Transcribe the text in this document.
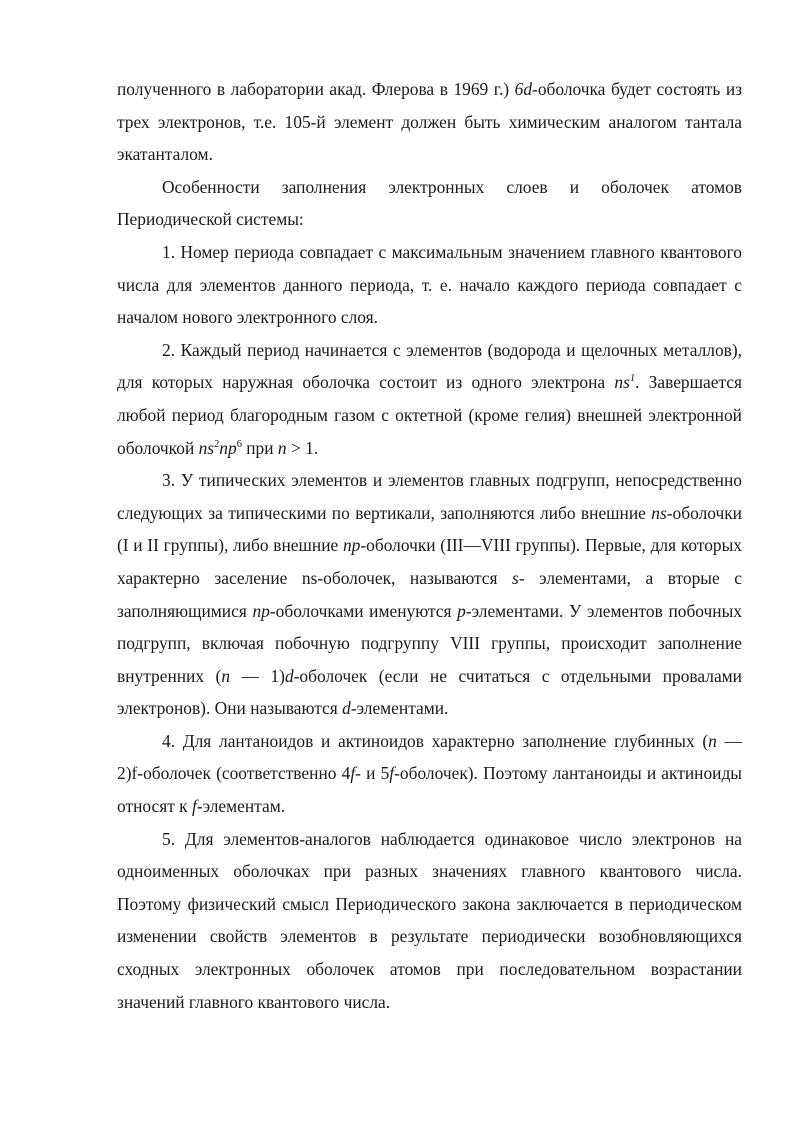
полученного в лаборатории акад. Флерова в 1969 г.) 6d-оболочка будет состоять из трех электронов, т.е. 105-й элемент должен быть химическим аналогом тантала экатанталом.

Особенности заполнения электронных слоев и оболочек атомов Периодической системы:

1. Номер периода совпадает с максимальным значением главного квантового числа для элементов данного периода, т. е. начало каждого периода совпадает с началом нового электронного слоя.

2. Каждый период начинается с элементов (водорода и щелочных металлов), для которых наружная оболочка состоит из одного электрона $ns^1$. Завершается любой период благородным газом с октетной (кроме гелия) внешней электронной оболочкой $ns^2np^6$ при n > 1.

3. У типических элементов и элементов главных подгрупп, непосредственно следующих за типическими по вертикали, заполняются либо внешние ns-оболочки (I и II группы), либо внешние np-оболочки (III—VIII группы). Первые, для которых характерно заселение ns-оболочек, называются s- элементами, а вторые с заполняющимися np-оболочками именуются p-элементами. У элементов побочных подгрупп, включая побочную подгруппу VIII группы, происходит заполнение внутренних (n — 1)d-оболочек (если не считаться с отдельными провалами электронов). Они называются d-элементами.

4. Для лантаноидов и актиноидов характерно заполнение глубинных (n — 2)f-оболочек (соответственно 4f- и 5f-оболочек). Поэтому лантаноиды и актиноиды относят к f-элементам.

5. Для элементов-аналогов наблюдается одинаковое число электронов на одноименных оболочках при разных значениях главного квантового числа. Поэтому физический смысл Периодического закона заключается в периодическом изменении свойств элементов в результате периодически возобновляющихся сходных электронных оболочек атомов при последовательном возрастании значений главного квантового числа.
